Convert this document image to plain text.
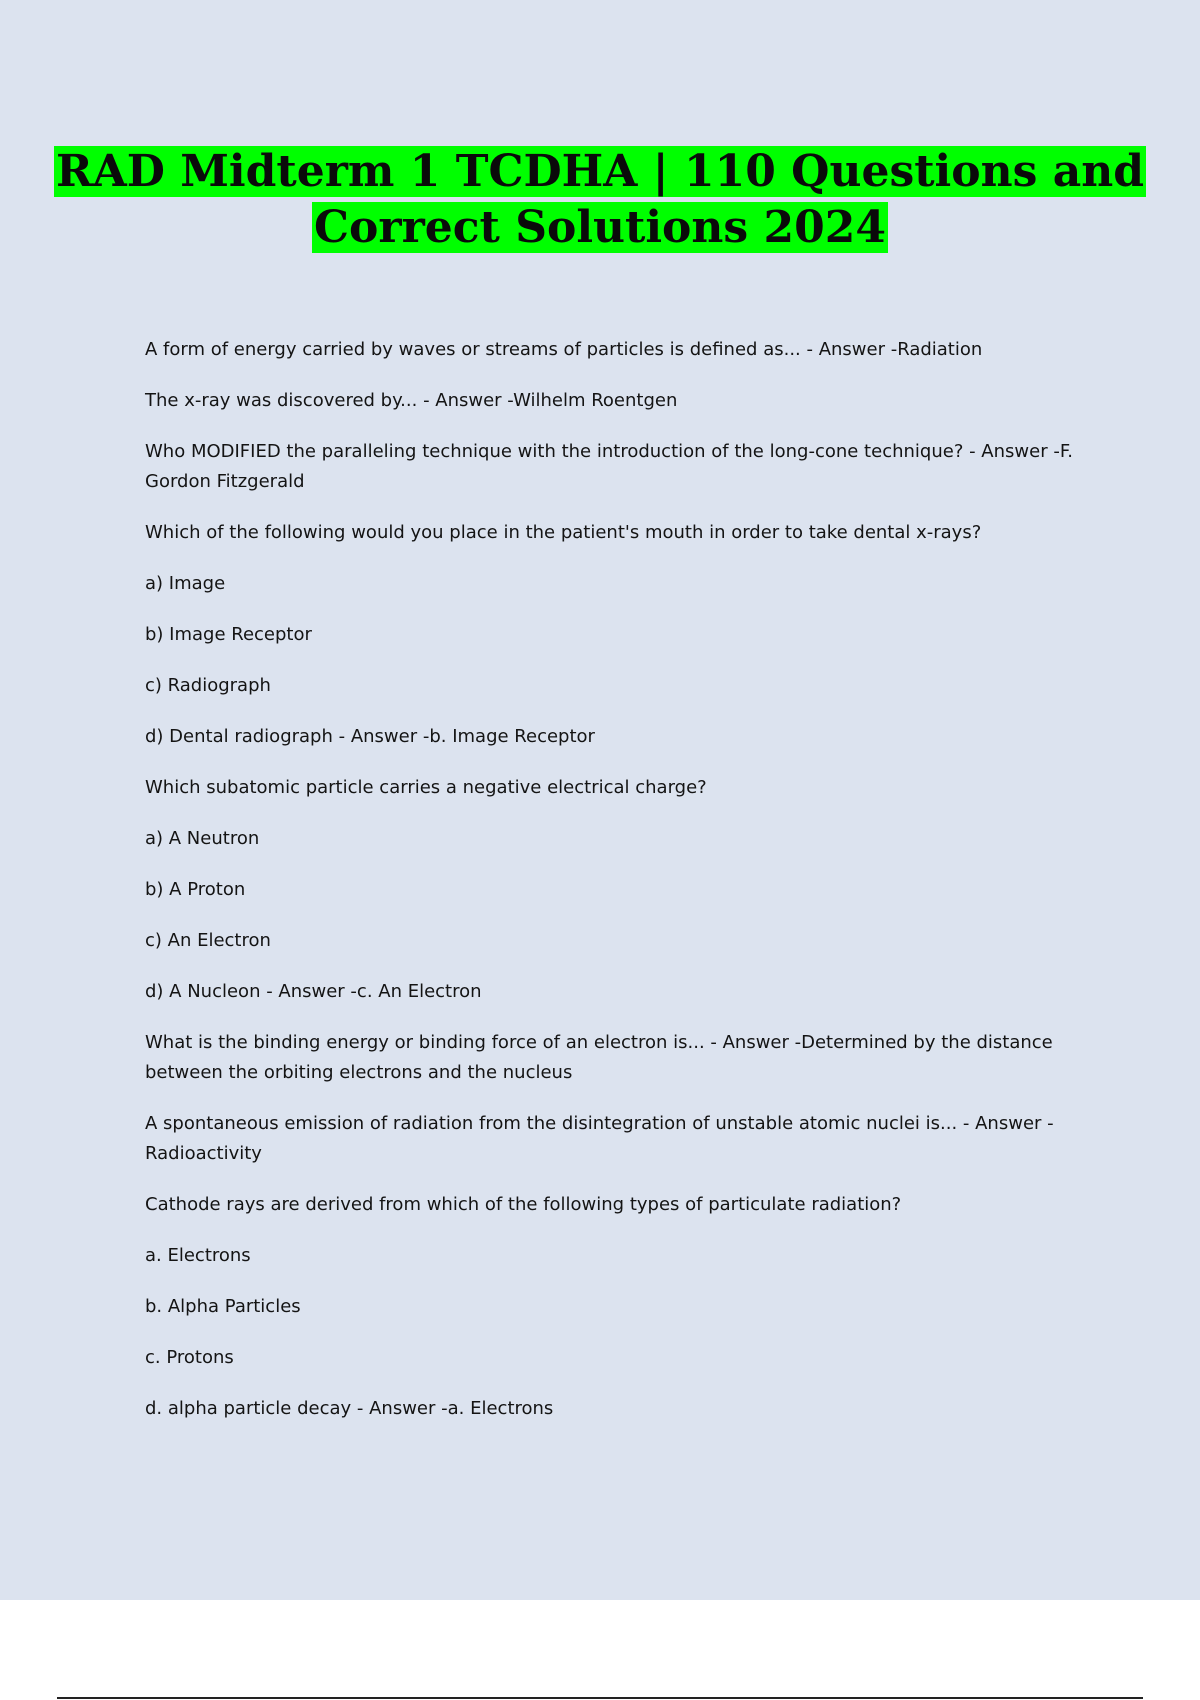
RAD Midterm 1 TCDHA | 110 Questions and
Correct Solutions 2024

A form of energy carried by waves or streams of particles is defined as... - Answer -Radiation

The x-ray was discovered by... - Answer -Wilhelm Roentgen

Who MODIFIED the paralleling technique with the introduction of the long-cone technique? - Answer -F. Gordon Fitzgerald

Which of the following would you place in the patient's mouth in order to take dental x-rays?

a) Image

b) Image Receptor

c) Radiograph

d) Dental radiograph - Answer -b. Image Receptor

Which subatomic particle carries a negative electrical charge?

a) A Neutron

b) A Proton

c) An Electron

d) A Nucleon - Answer -c. An Electron

What is the binding energy or binding force of an electron is... - Answer -Determined by the distance between the orbiting electrons and the nucleus

A spontaneous emission of radiation from the disintegration of unstable atomic nuclei is... - Answer - Radioactivity

Cathode rays are derived from which of the following types of particulate radiation?

a. Electrons

b. Alpha Particles

c. Protons

d. alpha particle decay - Answer -a. Electrons
